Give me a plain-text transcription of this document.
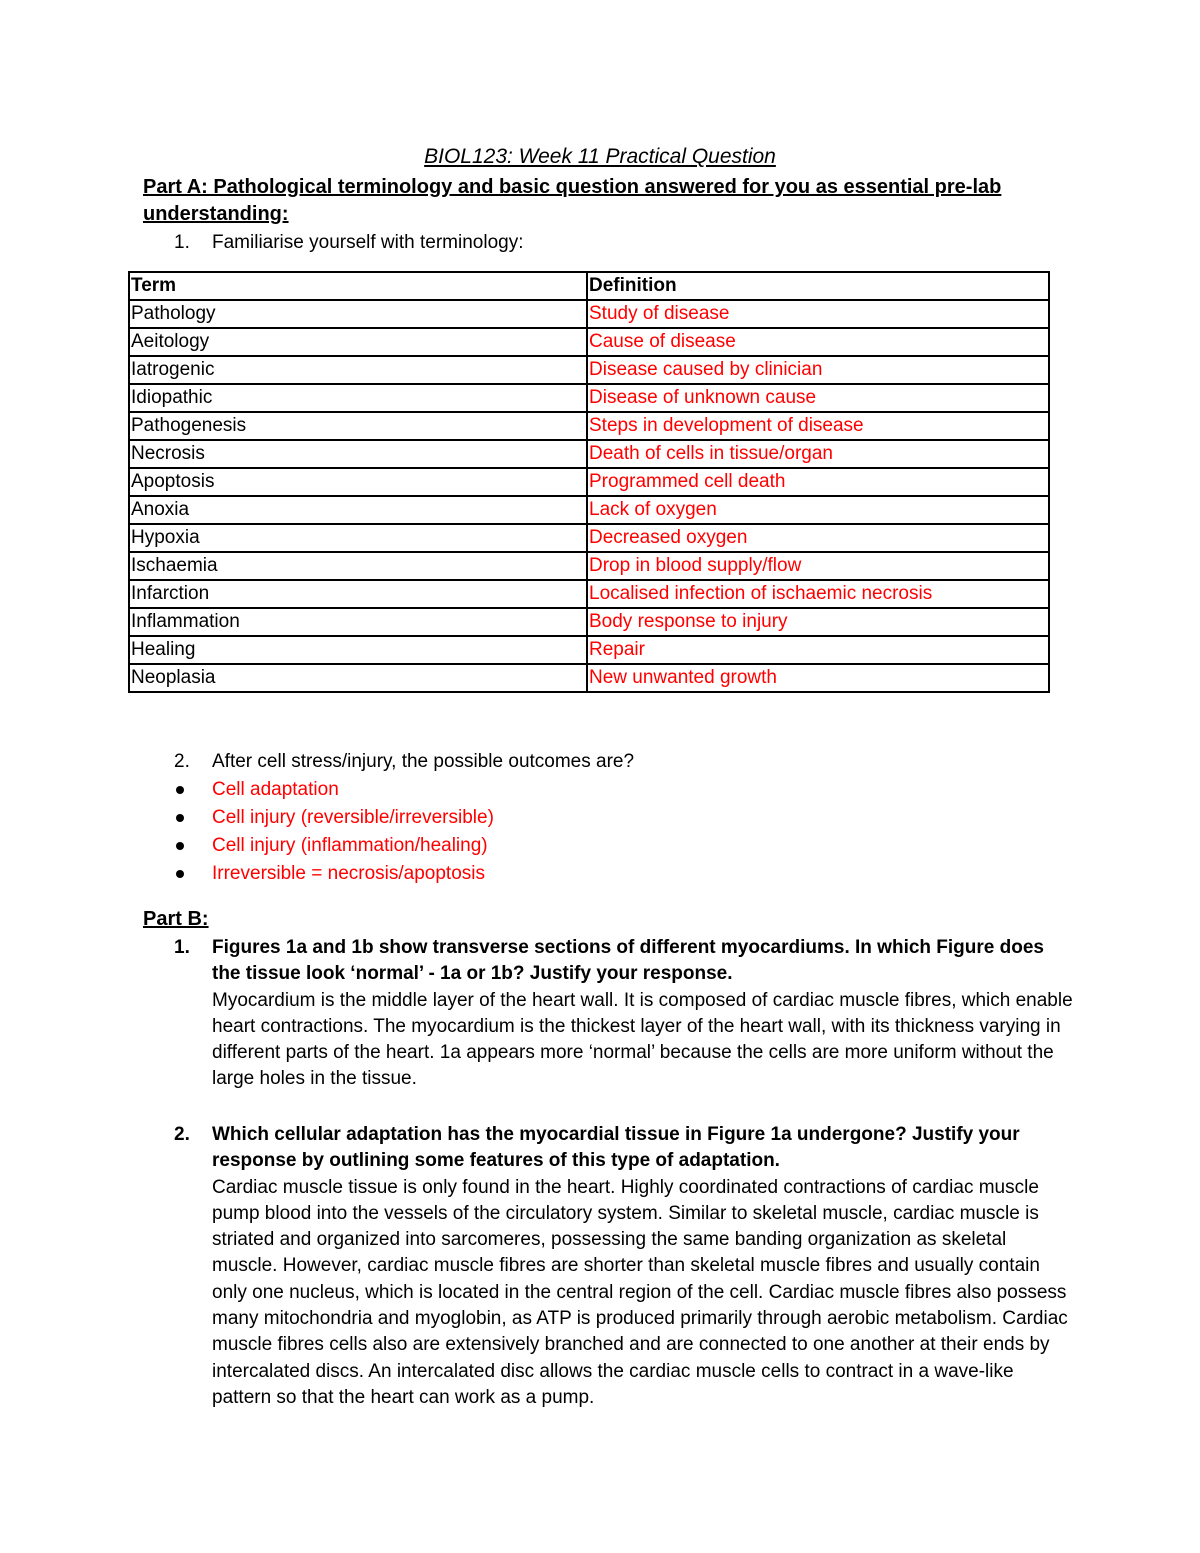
BIOL123: Week 11 Practical Question
Part A: Pathological terminology and basic question answered for you as essential pre-lab understanding:
1. Familiarise yourself with terminology:
Term	Definition
Pathology	Study of disease
Aeitology	Cause of disease
Iatrogenic	Disease caused by clinician
Idiopathic	Disease of unknown cause
Pathogenesis	Steps in development of disease
Necrosis	Death of cells in tissue/organ
Apoptosis	Programmed cell death
Anoxia	Lack of oxygen
Hypoxia	Decreased oxygen
Ischaemia	Drop in blood supply/flow
Infarction	Localised infection of ischaemic necrosis
Inflammation	Body response to injury
Healing	Repair
Neoplasia	New unwanted growth
2. After cell stress/injury, the possible outcomes are?
Cell adaptation
Cell injury (reversible/irreversible)
Cell injury (inflammation/healing)
Irreversible = necrosis/apoptosis
Part B:
1. Figures 1a and 1b show transverse sections of different myocardiums. In which Figure does the tissue look ‘normal’ - 1a or 1b? Justify your response.
Myocardium is the middle layer of the heart wall. It is composed of cardiac muscle fibres, which enable heart contractions. The myocardium is the thickest layer of the heart wall, with its thickness varying in different parts of the heart. 1a appears more ‘normal’ because the cells are more uniform without the large holes in the tissue.
2. Which cellular adaptation has the myocardial tissue in Figure 1a undergone? Justify your response by outlining some features of this type of adaptation.
Cardiac muscle tissue is only found in the heart. Highly coordinated contractions of cardiac muscle pump blood into the vessels of the circulatory system. Similar to skeletal muscle, cardiac muscle is striated and organized into sarcomeres, possessing the same banding organization as skeletal muscle. However, cardiac muscle fibres are shorter than skeletal muscle fibres and usually contain only one nucleus, which is located in the central region of the cell. Cardiac muscle fibres also possess many mitochondria and myoglobin, as ATP is produced primarily through aerobic metabolism. Cardiac muscle fibres cells also are extensively branched and are connected to one another at their ends by intercalated discs. An intercalated disc allows the cardiac muscle cells to contract in a wave-like pattern so that the heart can work as a pump.
